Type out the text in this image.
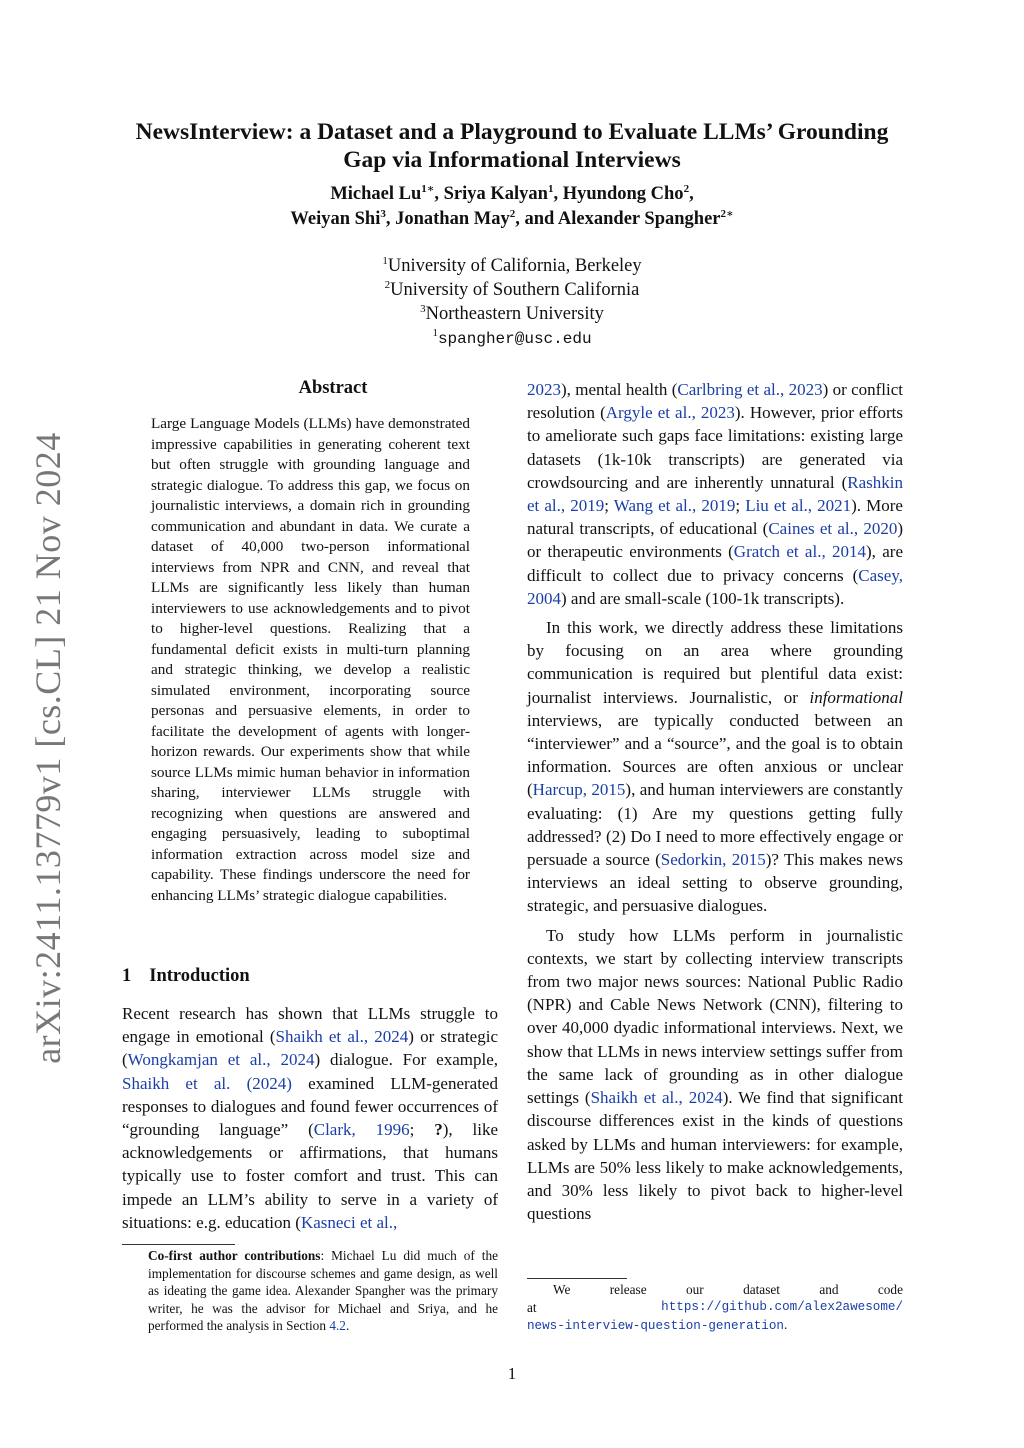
arXiv:2411.13779v1 [cs.CL] 21 Nov 2024
NewsInterview: a Dataset and a Playground to Evaluate LLMs’ Grounding
Gap via Informational Interviews
Michael $Lu^{1∗}$, Sriya Kalyan$^1$, Hyundong Cho$^2$,
Weiyan Shi$^3$, Jonathan May$^2$, and Alexander Spangher$^{2∗}$
$^1$University of California, Berkeley
$^2$University of Southern California
$^3$Northeastern University
$^1$spangher@usc.edu
Abstract
Large Language Models (LLMs) have demonstrated impressive capabilities in generating coherent text but often struggle with grounding language and strategic dialogue. To address this gap, we focus on journalistic interviews, a domain rich in grounding communication and abundant in data. We curate a dataset of 40,000 two-person informational interviews from NPR and CNN, and reveal that LLMs are significantly less likely than human interviewers to use acknowledgements and to pivot to higher-level questions. Realizing that a fundamental deficit exists in multi-turn planning and strategic thinking, we develop a realistic simulated environment, incorporating source personas and persuasive elements, in order to facilitate the development of agents with longer-horizon rewards. Our experiments show that while source LLMs mimic human behavior in information sharing, interviewer LLMs struggle with recognizing when questions are answered and engaging persuasively, leading to suboptimal information extraction across model size and capability. These findings underscore the need for enhancing LLMs’ strategic dialogue capabilities.
1 Introduction

Recent research has shown that LLMs struggle to engage in emotional (Shaikh et al., 2024) or strategic (Wongkamjan et al., 2024) dialogue. For example, Shaikh et al. (2024) examined LLM-generated responses to dialogues and found fewer occurrences of “grounding language” (Clark, 1996; ?), like acknowledgements or affirmations, that humans typically use to foster comfort and trust. This can impede an LLM’s ability to serve in a variety of situations: e.g. education (Kasneci et al.,

2023), mental health (Carlbring et al., 2023) or conflict resolution (Argyle et al., 2023). However, prior efforts to ameliorate such gaps face limitations: existing large datasets (1k-10k transcripts) are generated via crowdsourcing and are inherently unnatural (Rashkin et al., 2019; Wang et al., 2019; Liu et al., 2021). More natural transcripts, of educational (Caines et al., 2020) or therapeutic environments (Gratch et al., 2014), are difficult to collect due to privacy concerns (Casey, 2004) and are small-scale (100-1k transcripts).

In this work, we directly address these limitations by focusing on an area where grounding communication is required but plentiful data exist: journalist interviews. Journalistic, or informational interviews, are typically conducted between an “interviewer” and a “source”, and the goal is to obtain information. Sources are often anxious or unclear (Harcup, 2015), and human interviewers are constantly evaluating: (1) Are my questions getting fully addressed? (2) Do I need to more effectively engage or persuade a source (Sedorkin, 2015)? This makes news interviews an ideal setting to observe grounding, strategic, and persuasive dialogues.

To study how LLMs perform in journalistic contexts, we start by collecting interview transcripts from two major news sources: National Public Radio (NPR) and Cable News Network (CNN), filtering to over 40,000 dyadic informational interviews. Next, we show that LLMs in news interview settings suffer from the same lack of grounding as in other dialogue settings (Shaikh et al., 2024). We find that significant discourse differences exist in the kinds of questions asked by LLMs and human interviewers: for example, LLMs are 50% less likely to make acknowledgements, and 30% less likely to pivot back to higher-level questions

Co-first author contributions: Michael Lu did much of the implementation for discourse schemes and game design, as well as ideating the game idea. Alexander Spangher was the primary writer, he was the advisor for Michael and Sriya, and he performed the analysis in Section 4.2.
We	release	our	dataset	and	code
at	https://github.com/alex2awesome/
news-interview-question-generation.
1
